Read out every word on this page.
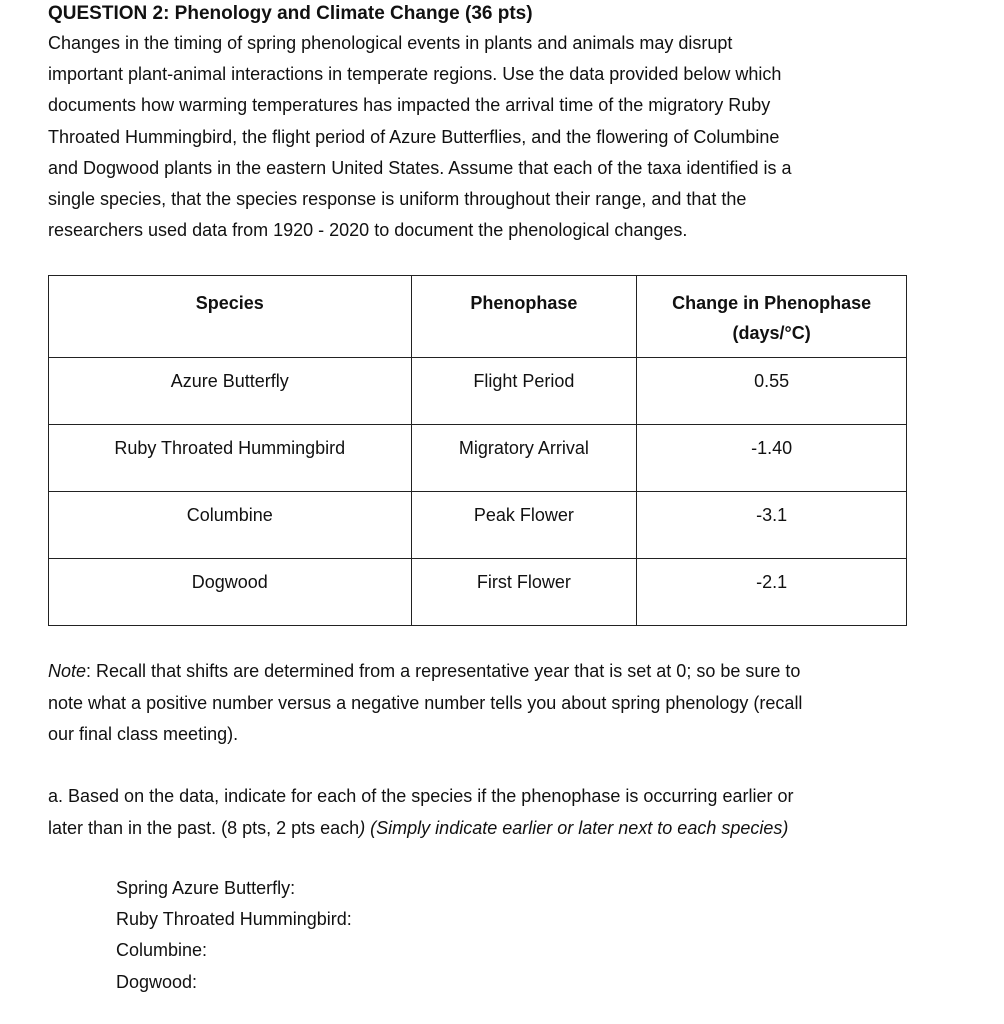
QUESTION 2: Phenology and Climate Change (36 pts)

Changes in the timing of spring phenological events in plants and animals may disrupt
important plant-animal interactions in temperate regions. Use the data provided below which
documents how warming temperatures has impacted the arrival time of the migratory Ruby
Throated Hummingbird, the flight period of Azure Butterflies, and the flowering of Columbine
and Dogwood plants in the eastern United States. Assume that each of the taxa identified is a
single species, that the species response is uniform throughout their range, and that the
researchers used data from 1920 - 2020 to document the phenological changes.

Species	Phenophase	Change in Phenophase
(days/°C)
Azure Butterfly	Flight Period	0.55
Ruby Throated Hummingbird	Migratory Arrival	-1.40
Columbine	Peak Flower	-3.1
Dogwood	First Flower	-2.1

Note: Recall that shifts are determined from a representative year that is set at 0; so be sure to
note what a positive number versus a negative number tells you about spring phenology (recall
our final class meeting).

a. Based on the data, indicate for each of the species if the phenophase is occurring earlier or
later than in the past. (8 pts, 2 pts each) (Simply indicate earlier or later next to each species)

Spring Azure Butterfly:
Ruby Throated Hummingbird:
Columbine:
Dogwood:
